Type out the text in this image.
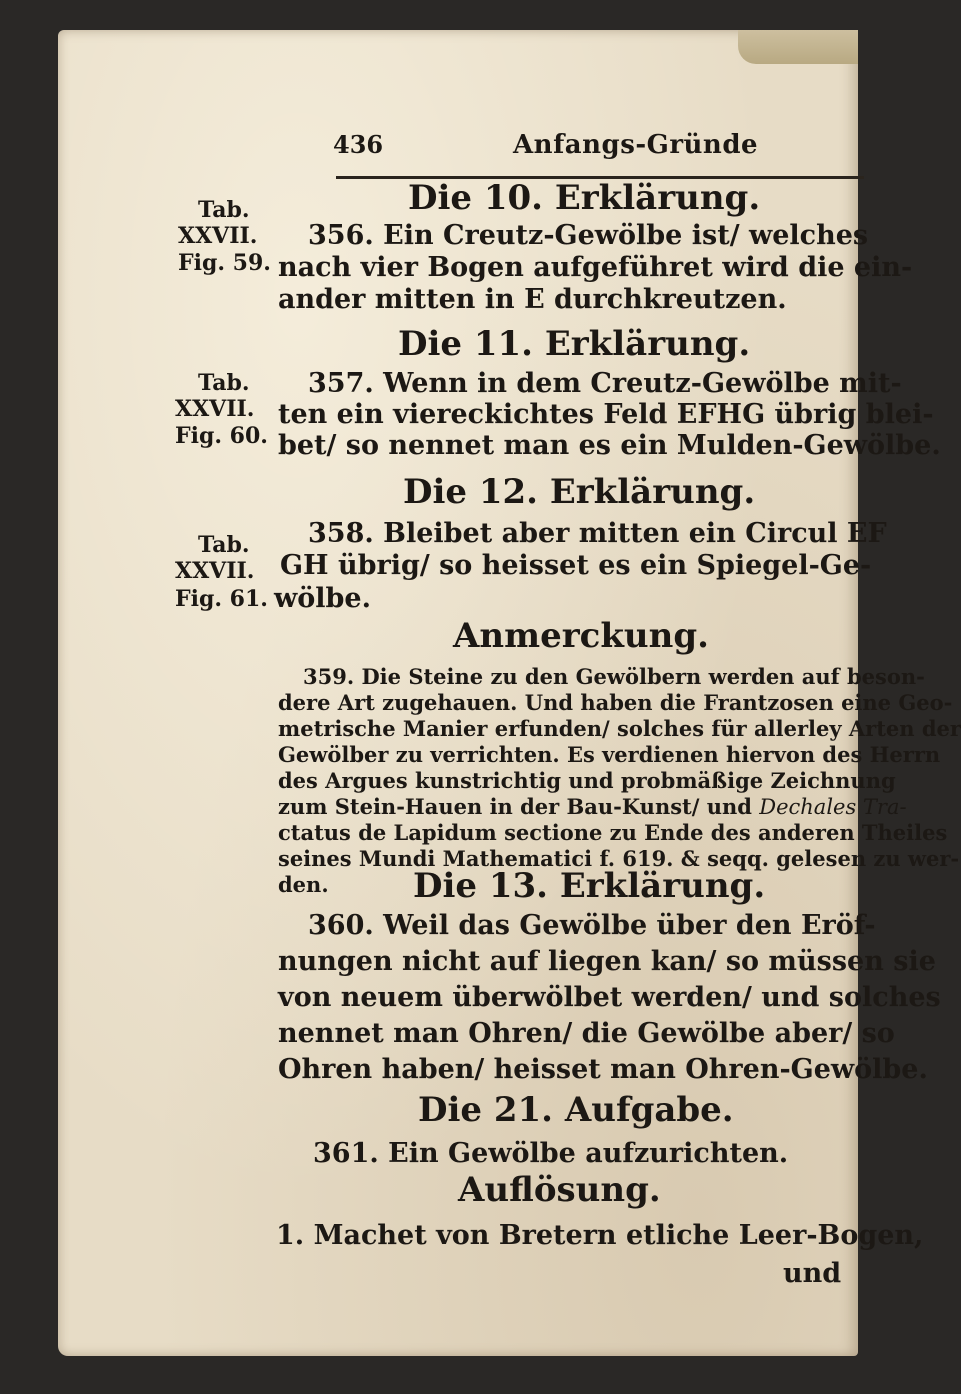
436	Anfangs-Gründe
Tab.
XXVII.
Fig. 59.
Tab.
XXVII.
Fig. 60.
Tab.
XXVII.
Fig. 61.
Die 10. Erklärung.
356. Ein Creutz-Gewölbe ist/ welches
nach vier Bogen aufgeführet wird die ein-
ander mitten in E durchkreutzen.
Die 11. Erklärung.
357. Wenn in dem Creutz-Gewölbe mit-
ten ein viereckichtes Feld EFHG übrig blei-
bet/ so nennet man es ein Mulden-Gewölbe.
Die 12. Erklärung.
358. Bleibet aber mitten ein Circul EF
GH übrig/ so heisset es ein Spiegel-Ge-
wölbe.
Anmerckung.
359. Die Steine zu den Gewölbern werden auf beson-
dere Art zugehauen. Und haben die Frantzosen eine Geo-
metrische Manier erfunden/ solches für allerley Arten der
Gewölber zu verrichten. Es verdienen hiervon des Herrn
des Argues kunstrichtig und probmäßige Zeichnung
zum Stein-Hauen in der Bau-Kunst/ und Dechales Tra-
ctatus de Lapidum sectione zu Ende des anderen Theiles
seines Mundi Mathematici f. 619. & seqq. gelesen zu wer-
den. Die 13. Erklärung.
360. Weil das Gewölbe über den Eröf-
nungen nicht auf liegen kan/ so müssen sie
von neuem überwölbet werden/ und solches
nennet man Ohren/ die Gewölbe aber/ so
Ohren haben/ heisset man Ohren-Gewölbe.
Die 21. Aufgabe.
361. Ein Gewölbe aufzurichten.
Auflösung.
1. Machet von Bretern etliche Leer-Bogen,
und
